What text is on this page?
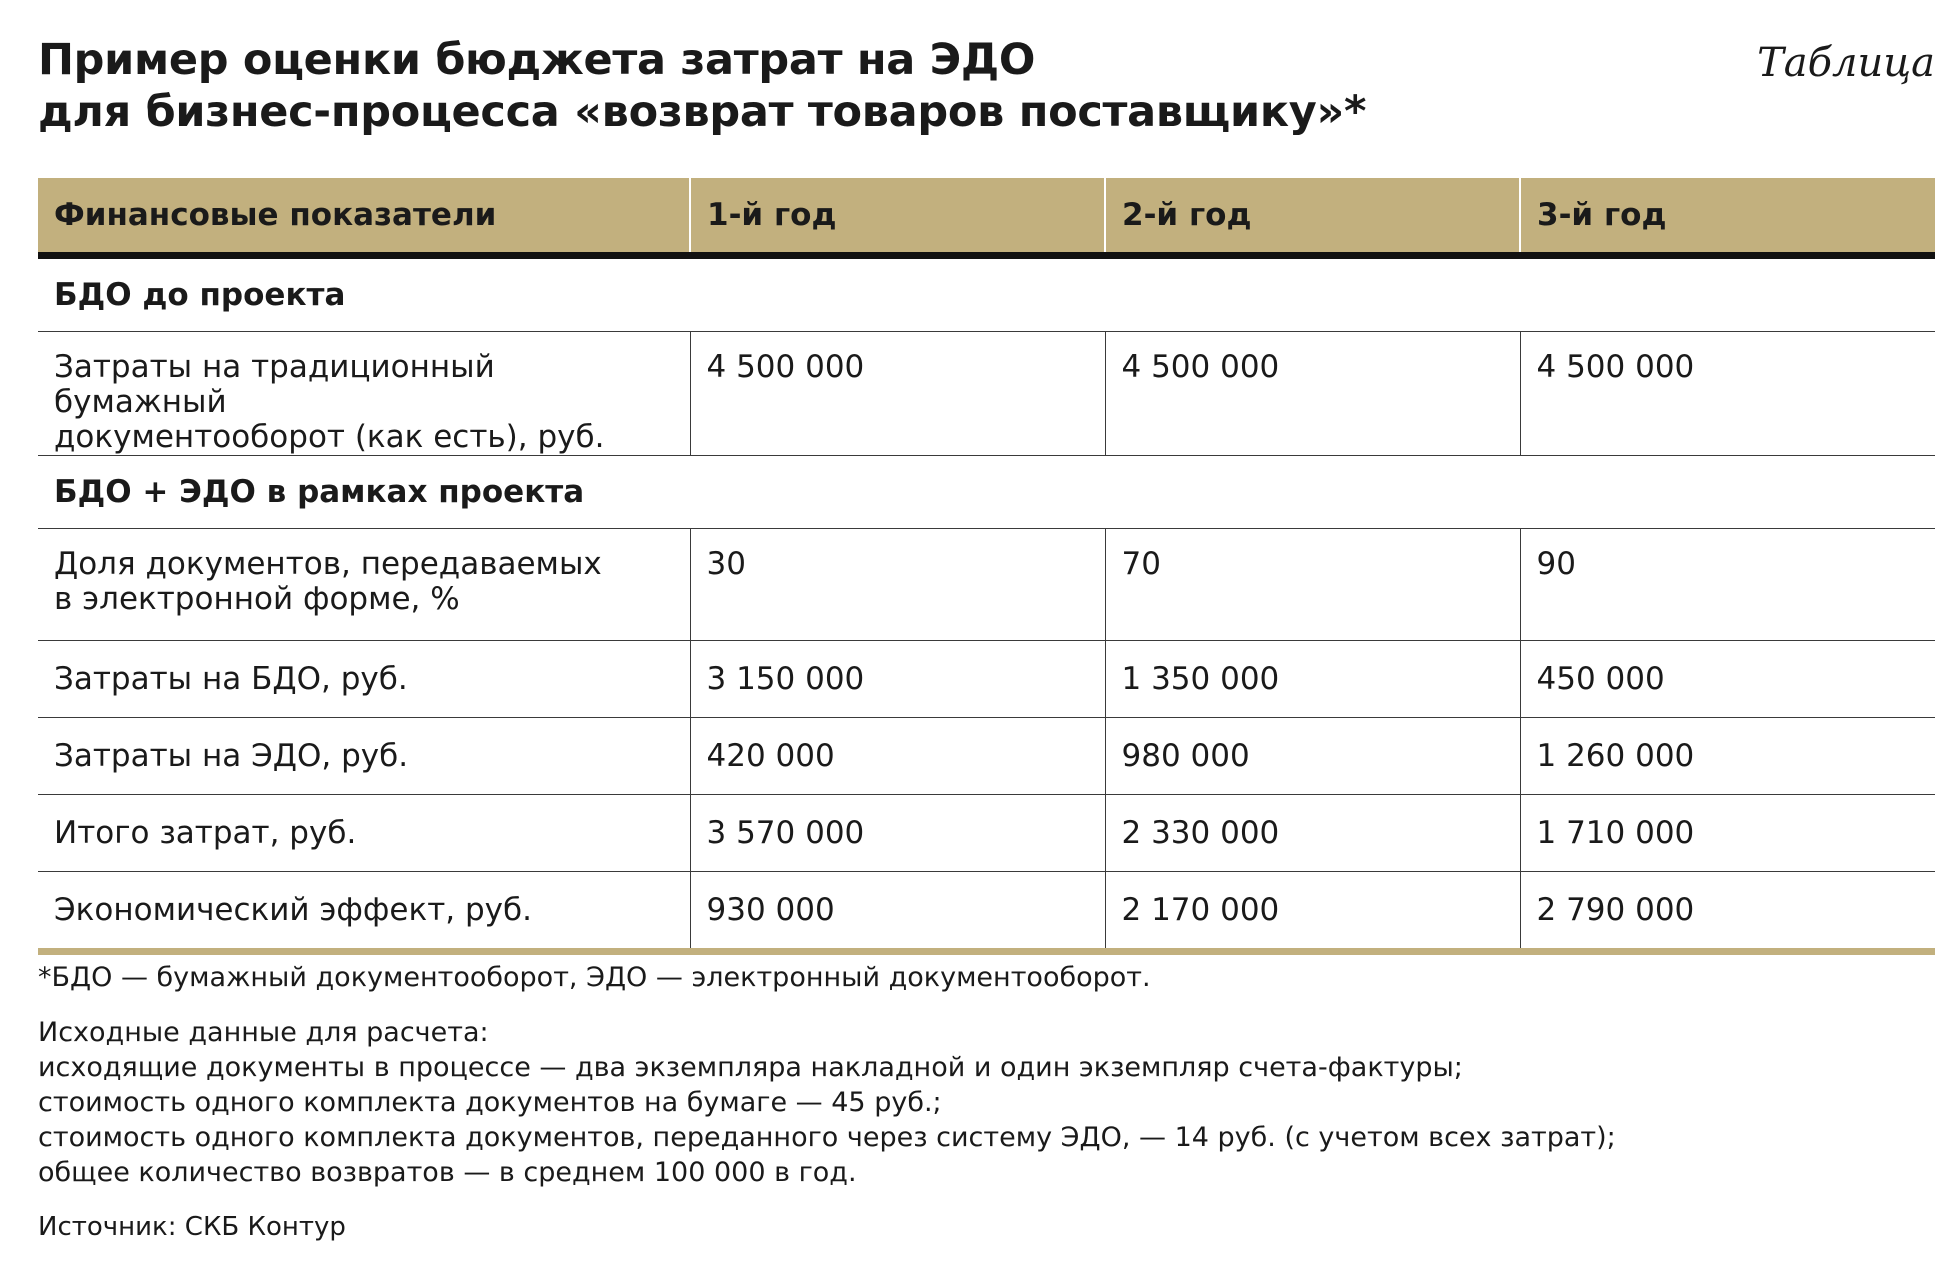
Пример оценки бюджета затрат на ЭДО
для бизнес-процесса «возврат товаров поставщику»*
Таблица
Финансовые показатели	1-й год	2-й год	3-й год
БДО до проекта			

Затраты на традиционный бумажный
документооборот (как есть), руб.	4 500 000	4 500 000	4 500 000
БДО + ЭДО в рамках проекта			

Доля документов, передаваемых
в электронной форме, %	30	70	90
Затраты на БДО, руб.	3 150 000	1 350 000	450 000
Затраты на ЭДО, руб.	420 000	980 000	1 260 000
Итого затрат, руб.	3 570 000	2 330 000	1 710 000
Экономический эффект, руб.	930 000	2 170 000	2 790 000
*БДО — бумажный документооборот, ЭДО — электронный документооборот.
Исходные данные для расчета:
исходящие документы в процессе — два экземпляра накладной и один экземпляр счета-фактуры;
стоимость одного комплекта документов на бумаге — 45 руб.;
стоимость одного комплекта документов, переданного через систему ЭДО, — 14 руб. (с учетом всех затрат);
общее количество возвратов — в среднем 100 000 в год.
Источник: СКБ Контур
